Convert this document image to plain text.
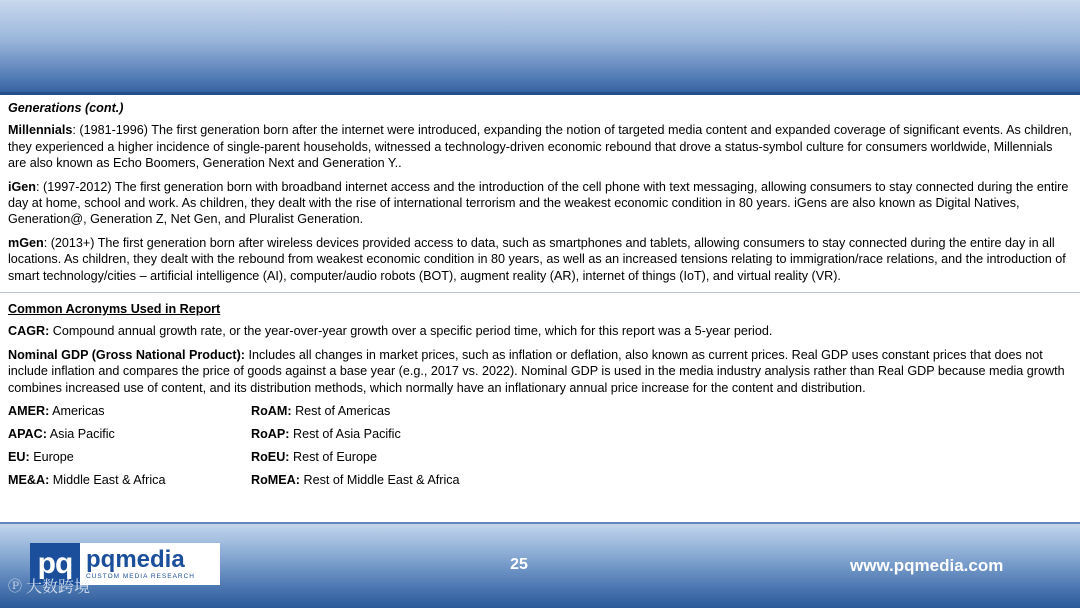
Generations (cont.)
Millennials: (1981-1996) The first generation born after the internet were introduced, expanding the notion of targeted media content and expanded coverage of significant events. As children, they experienced a higher incidence of single-parent households, witnessed a technology-driven economic rebound that drove a status-symbol culture for consumers worldwide, Millennials are also known as Echo Boomers, Generation Next and Generation Y..
iGen: (1997-2012) The first generation born with broadband internet access and the introduction of the cell phone with text messaging, allowing consumers to stay connected during the entire day at home, school and work. As children, they dealt with the rise of international terrorism and the weakest economic condition in 80 years. iGens are also known as Digital Natives, Generation@, Generation Z, Net Gen, and Pluralist Generation.
mGen: (2013+) The first generation born after wireless devices provided access to data, such as smartphones and tablets, allowing consumers to stay connected during the entire day in all locations. As children, they dealt with the rebound from weakest economic condition in 80 years, as well as an increased tensions relating to immigration/race relations, and the introduction of smart technology/cities – artificial intelligence (AI), computer/audio robots (BOT), augment reality (AR), internet of things (IoT), and virtual reality (VR).
Common Acronyms Used in Report
CAGR: Compound annual growth rate, or the year-over-year growth over a specific period time, which for this report was a 5-year period.
Nominal GDP (Gross National Product): Includes all changes in market prices, such as inflation or deflation, also known as current prices. Real GDP uses constant prices that does not include inflation and compares the price of goods against a base year (e.g., 2017 vs. 2022). Nominal GDP is used in the media industry analysis rather than Real GDP because media growth combines increased use of content, and its distribution methods, which normally have an inflationary annual price increase for the content and distribution.
AMER: Americas	RoAM: Rest of Americas
APAC: Asia Pacific	RoAP: Rest of Asia Pacific
EU: Europe	RoEU: Rest of Europe
ME&A: Middle East & Africa	RoMEA: Rest of Middle East & Africa
pq pqmedia
CUSTOM MEDIA RESEARCH
25	www.pqmedia.com
Ⓟ 大数跨境
